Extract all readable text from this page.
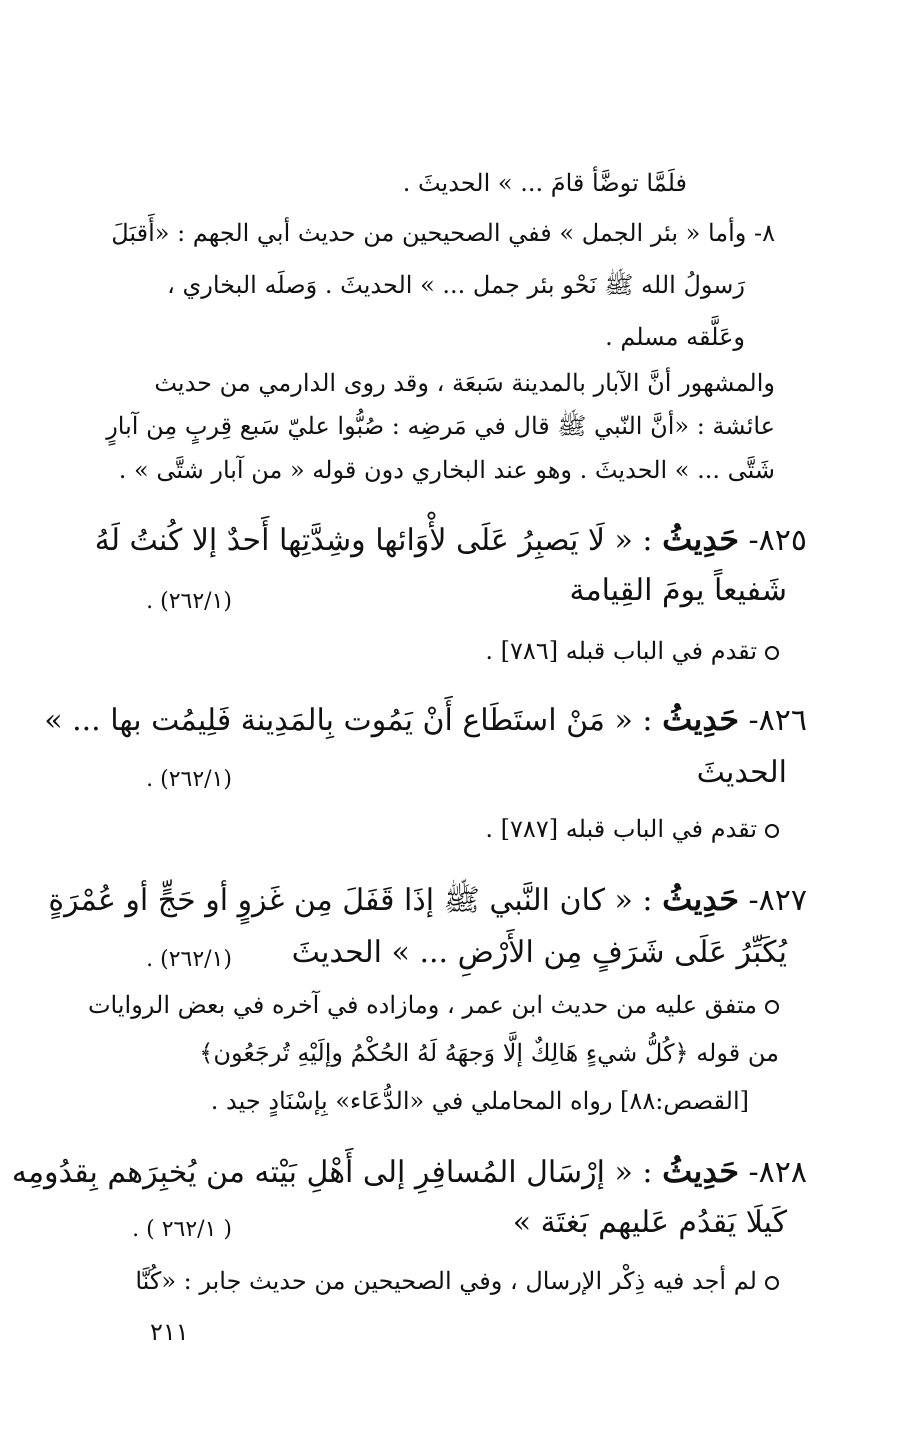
فلَمَّا توضَّأ قامَ ... » الحديثَ .
٨- وأما « بئر الجمل » ففي الصحيحين من حديث أبي الجهم : «أَقبَلَ
رَسولُ الله ﷺ نَحْو بئر جمل ... » الحديثَ . وَصلَه البخاري ،
وعَلَّقه مسلم .
والمشهور أنَّ الآبار بالمدينة سَبعَة ، وقد روى الدارمي من حديث
عائشة : «أنَّ النّبي ﷺ قال في مَرضِه : صُبُّوا عليّ سَبع قِربٍ مِن آبارٍ
شَتَّى ... » الحديثَ . وهو عند البخاري دون قوله « من آبار شتَّى » .
٨٢٥- حَدِيثُ : « لَا يَصبِرُ عَلَى لأْوَائها وشِدَّتِها أَحدٌ إلا كُنتُ لَهُ
شَفيعاً يومَ القِيامة
(٢٦٢/١) .
تقدم في الباب قبله [٧٨٦] .
٨٢٦- حَدِيثُ : « مَنْ استَطَاع أَنْ يَمُوت بِالمَدِينة فَلِيمُت بها ... »
الحديثَ
(٢٦٢/١) .
تقدم في الباب قبله [٧٨٧] .
٨٢٧- حَدِيثُ : « كان النَّبي ﷺ إذَا قَفَلَ مِن غَزوٍ أو حَجٍّ أو عُمْرَةٍ
يُكَبِّرُ عَلَى شَرَفٍ مِن الأَرْضِ ... » الحديثَ
(٢٦٢/١) .
متفق عليه من حديث ابن عمر ، ومازاده في آخره في بعض الروايات
من قوله ﴿كُلُّ شيءٍ هَالِكٌ إلَّا وَجهَهُ لَهُ الحُكْمُ وإلَيْهِ تُرجَعُون﴾
[القصص:٨٨] رواه المحاملي في «الدُّعَاء» بِإسْنَادٍ جيد .
٨٢٨- حَدِيثُ : « إرْسَال المُسافِرِ إلى أَهْلِ بَيْته من يُخبِرَهم بِقدُومِه
كَيلَا يَقدُم عَليهم بَغتَة »
( ٢٦٢/١ ) .
لم أجد فيه ذِكْر الإرسال ، وفي الصحيحين من حديث جابر : «كُنَّا
٢١١
